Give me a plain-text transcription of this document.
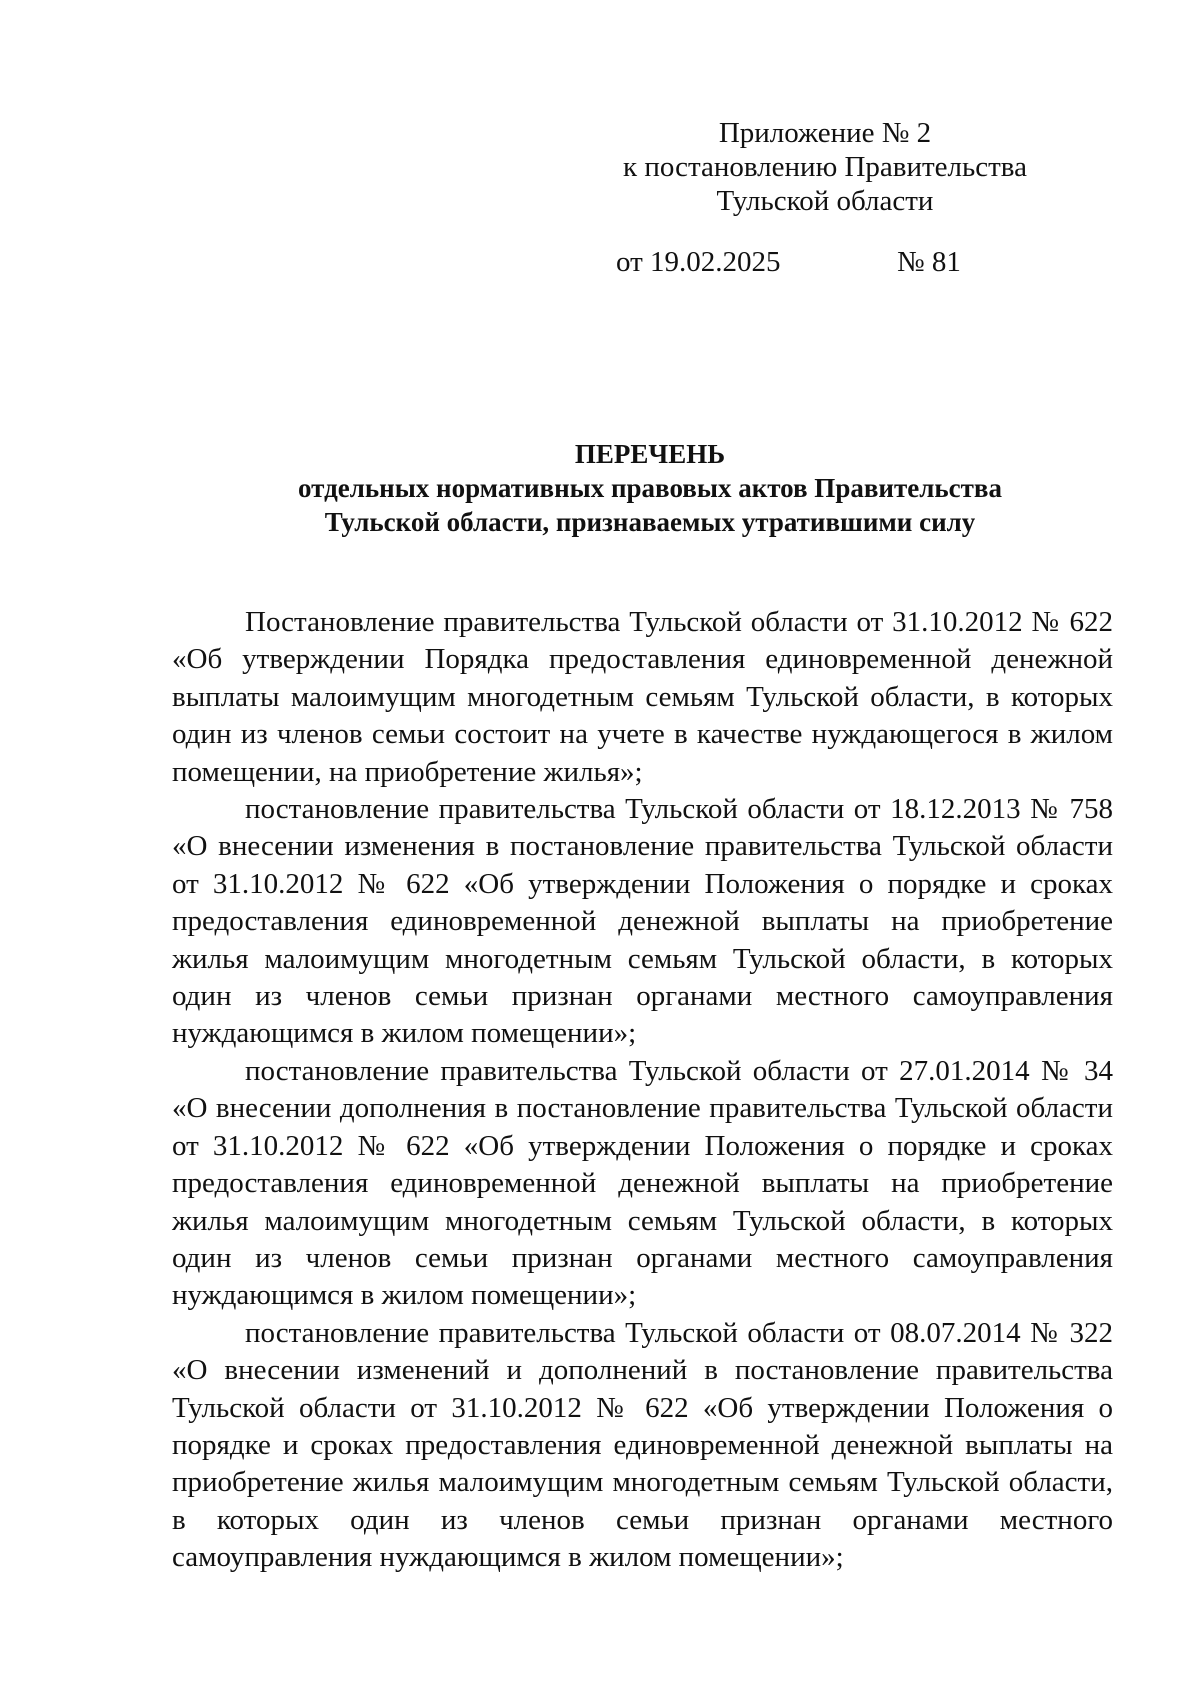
Приложение № 2
к постановлению Правительства
Тульской области
от 19.02.2025	№ 81
ПЕРЕЧЕНЬ
отдельных нормативных правовых актов Правительства
Тульской области, признаваемых утратившими силу

Постановление правительства Тульской области от 31.10.2012 № 622 «Об утверждении Порядка предоставления единовременной денежной выплаты малоимущим многодетным семьям Тульской области, в которых один из членов семьи состоит на учете в качестве нуждающегося в жилом помещении, на приобретение жилья»;

постановление правительства Тульской области от 18.12.2013 № 758 «О внесении изменения в постановление правительства Тульской области от 31.10.2012 № 622 «Об утверждении Положения о порядке и сроках предоставления единовременной денежной выплаты на приобретение жилья малоимущим многодетным семьям Тульской области, в которых один из членов семьи признан органами местного самоуправления нуждающимся в жилом помещении»;

постановление правительства Тульской области от 27.01.2014 № 34 «О внесении дополнения в постановление правительства Тульской области от 31.10.2012 № 622 «Об утверждении Положения о порядке и сроках предоставления единовременной денежной выплаты на приобретение жилья малоимущим многодетным семьям Тульской области, в которых один из членов семьи признан органами местного самоуправления нуждающимся в жилом помещении»;

постановление правительства Тульской области от 08.07.2014 № 322 «О внесении изменений и дополнений в постановление правительства Тульской области от 31.10.2012 № 622 «Об утверждении Положения о порядке и сроках предоставления единовременной денежной выплаты на приобретение жилья малоимущим многодетным семьям Тульской области, в которых один из членов семьи признан органами местного самоуправления нуждающимся в жилом помещении»;
